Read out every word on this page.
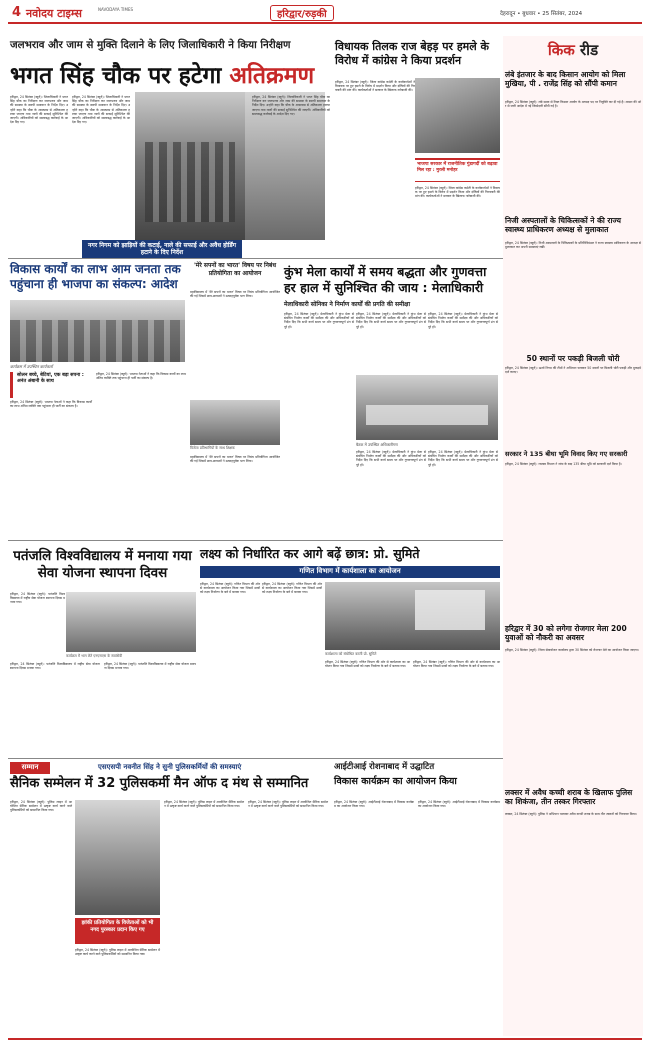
4 नवोदय टाइम्स	NAVODAYA TIMES	हरिद्वार/रुड़की	देहरादून • बुधवार • 25 सितंबर, 2024
जलभराव और जाम से मुक्ति दिलाने के लिए जिलाधिकारी ने किया निरीक्षण
भगत सिंह चौक पर हटेगा अतिक्रमण
हरिद्वार, 24 सितंबर (ब्यूरो): जिलाधिकारी ने भगत सिंह चौक का निरीक्षण कर जलभराव और जाम की समस्या के स्थायी समाधान के निर्देश दिए। उन्होंने कहा कि चौक के आसपास से अतिक्रमण हटाया जाएगा तथा नालों की सफाई सुनिश्चित की जाएगी। अधिकारियों को समयबद्ध कार्रवाई के आदेश दिए गए।
हरिद्वार, 24 सितंबर (ब्यूरो): जिलाधिकारी ने भगत सिंह चौक का निरीक्षण कर जलभराव और जाम की समस्या के स्थायी समाधान के निर्देश दिए। उन्होंने कहा कि चौक के आसपास से अतिक्रमण हटाया जाएगा तथा नालों की सफाई सुनिश्चित की जाएगी। अधिकारियों को समयबद्ध कार्रवाई के आदेश दिए गए।
नगर निगम को झाड़ियों की कटाई, नाले की सफाई और अवैध होर्डिंग हटाने के दिए निर्देश
हरिद्वार, 24 सितंबर (ब्यूरो): जिलाधिकारी ने भगत सिंह चौक का निरीक्षण कर जलभराव और जाम की समस्या के स्थायी समाधान के निर्देश दिए। उन्होंने कहा कि चौक के आसपास से अतिक्रमण हटाया जाएगा तथा नालों की सफाई सुनिश्चित की जाएगी। अधिकारियों को समयबद्ध कार्रवाई के आदेश दिए गए।
विधायक तिलक राज बेहड़ पर हमले के विरोध में कांग्रेस ने किया प्रदर्शन
हरिद्वार, 24 सितंबर (ब्यूरो): जिला कांग्रेस कमेटी के कार्यकर्ताओं  विधायक पर हुए हमले के विरोध में प्रदर्शन किया और दोषियों की गिरफ्तारी की मांग की। कार्यकर्ताओं ने सरकार के खिलाफ नारेबाजी की।
भाजपा सरकार में राजनीतिक गुंडागर्दी को बढ़ावा मिल रहा : मुरली मनोहर
हरिद्वार, 24 सितंबर (ब्यूरो): जिला कांग्रेस कमेटी के कार्यकर्ताओं ने विधायक पर हुए हमले के विरोध में प्रदर्शन किया और दोषियों की गिरफ्तारी की मांग की। कार्यकर्ताओं ने सरकार के खिलाफ नारेबाजी की।
किक रीड
लंबे इंतजार के बाद किसान आयोग को मिला मुखिया, पी . राजेंद्र सिंह को सौंपी कमान
हरिद्वार, 24 सितंबर (ब्यूरो): लंबे समय से रिक्त किसान आयोग के अध्यक्ष पद पर नियुक्ति कर दी गई है। शासन की ओर से जारी आदेश में नई जिम्मेदारी सौंपी गई है।
निजी अस्पतालों के चिकित्सकों ने की राज्य स्वास्थ्य प्राधिकरण अध्यक्ष से मुलाकात
हरिद्वार, 24 सितंबर (ब्यूरो): निजी अस्पतालों के चिकित्सकों के प्रतिनिधिमंडल ने राज्य स्वास्थ्य प्राधिकरण के अध्यक्ष से मुलाकात कर अपनी समस्याएं रखीं।
50 स्थानों पर पकड़ी बिजली चोरी
हरिद्वार, 24 सितंबर (ब्यूरो): ऊर्जा निगम की टीमों ने अभियान चलाकर 50 स्थानों पर बिजली चोरी पकड़ी और मुकदमे दर्ज कराए।
सरकार ने 135 बीघा भूमि विवाद किए गए सरकारी
हरिद्वार, 24 सितंबर (ब्यूरो): राजस्व विभाग ने जांच के बाद 135 बीघा भूमि को सरकारी दर्ज किया है।
हरिद्वार में 30 को लगेगा रोजगार मेला 200 युवाओं को नौकरी का अवसर
हरिद्वार, 24 सितंबर (ब्यूरो): जिला सेवायोजन कार्यालय द्वारा 30 सितंबर को रोजगार मेले का आयोजन किया जाएगा।
लक्सर में अवैध कच्ची शराब के खिलाफ पुलिस का शिकंजा, तीन तस्कर गिरफ्तार
लक्सर, 24 सितंबर (ब्यूरो): पुलिस ने अभियान चलाकर अवैध कच्ची शराब के साथ तीन तस्करों को गिरफ्तार किया।
विकास कार्यों का लाभ आम जनता तक पहुंचाना ही भाजपा का संकल्प: आदेश
कार्यक्रम में उपस्थित कार्यकर्ता
सोलन बच्चे, बेटियां, एक बड़ा सपना : अनंत अंबानी के साथ
हरिद्वार, 24 सितंबर (ब्यूरो): भाजपा नेताओं ने कहा कि विकास कार्यों का लाभ अंतिम व्यक्ति तक पहुंचाना ही पार्टी का संकल्प है।
हरिद्वार, 24 सितंबर (ब्यूरो): भाजपा नेताओं ने कहा कि विकास कार्यों का लाभ अंतिम व्यक्ति तक पहुंचाना ही पार्टी का संकल्प है।
'मेरे सपनों का भारत' विषय पर निबंध प्रतियोगिता का आयोजन
महाविद्यालय में 'मेरे सपनों का भारत' विषय पर निबंध प्रतियोगिता आयोजित की गई जिसमें छात्र-छात्राओं ने उत्साहपूर्वक भाग लिया।
विजेता प्रतिभागियों के साथ शिक्षक
महाविद्यालय में 'मेरे सपनों का भारत' विषय पर निबंध प्रतियोगिता आयोजित की गई जिसमें छात्र-छात्राओं ने उत्साहपूर्वक भाग लिया।
कुंभ मेला कार्यों में समय बद्धता और गुणवत्ता हर हाल में सुनिश्चित की जाय : मेलाधिकारी
मेलाधिकारी सोनिका ने निर्माण कार्यों की प्रगति की समीक्षा
हरिद्वार, 24 सितंबर (ब्यूरो): मेलाधिकारी ने कुंभ मेला से संबंधित निर्माण कार्यों की समीक्षा की और अधिकारियों को निर्देश दिए कि सभी कार्य समय पर और गुणवत्तापूर्ण ढंग से पूरे हों।
हरिद्वार, 24 सितंबर (ब्यूरो): मेलाधिकारी ने कुंभ मेला से संबंधित निर्माण कार्यों की समीक्षा की और अधिकारियों को निर्देश दिए कि सभी कार्य समय पर और गुणवत्तापूर्ण ढंग से पूरे हों।
हरिद्वार, 24 सितंबर (ब्यूरो): मेलाधिकारी ने कुंभ मेला से संबंधित निर्माण कार्यों की समीक्षा की और अधिकारियों को निर्देश दिए कि सभी कार्य समय पर और गुणवत्तापूर्ण ढंग से पूरे हों।
बैठक में उपस्थित अधिकारीगण
हरिद्वार, 24 सितंबर (ब्यूरो): मेलाधिकारी ने कुंभ मेला से संबंधित निर्माण कार्यों की समीक्षा की और अधिकारियों को निर्देश दिए कि सभी कार्य समय पर और गुणवत्तापूर्ण ढंग से पूरे हों।
हरिद्वार, 24 सितंबर (ब्यूरो): मेलाधिकारी ने कुंभ मेला से संबंधित निर्माण कार्यों की समीक्षा की और अधिकारियों को निर्देश दिए कि सभी कार्य समय पर और गुणवत्तापूर्ण ढंग से पूरे हों।
पतंजलि विश्वविद्यालय में मनाया गया सेवा योजना स्थापना दिवस
हरिद्वार, 24 सितंबर (ब्यूरो): पतंजलि विश्वविद्यालय में राष्ट्रीय सेवा योजना स्थापना दिवस मनाया गया।
कार्यक्रम में भाग लेते एनएसएस के स्वयंसेवी
हरिद्वार, 24 सितंबर (ब्यूरो): पतंजलि विश्वविद्यालय में राष्ट्रीय सेवा योजना स्थापना दिवस मनाया गया।
हरिद्वार, 24 सितंबर (ब्यूरो): पतंजलि विश्वविद्यालय में राष्ट्रीय सेवा योजना स्थापना दिवस मनाया गया।
लक्ष्य को निर्धारित कर आगे बढ़ें छात्र: प्रो. सुमिते
गणित विभाग में कार्यशाला का आयोजन
हरिद्वार, 24 सितंबर (ब्यूरो): गणित विभाग की ओर से कार्यशाला का आयोजन किया गया जिसमें छात्रों को लक्ष्य निर्धारण के बारे में बताया गया।
हरिद्वार, 24 सितंबर (ब्यूरो): गणित विभाग की ओर से कार्यशाला का आयोजन किया गया जिसमें छात्रों को लक्ष्य निर्धारण के बारे में बताया गया।
कार्यशाला को संबोधित करती प्रो. सुमिते
हरिद्वार, 24 सितंबर (ब्यूरो): गणित विभाग की ओर से कार्यशाला का आयोजन किया गया जिसमें छात्रों को लक्ष्य निर्धारण के बारे में बताया गया।
हरिद्वार, 24 सितंबर (ब्यूरो): गणित विभाग की ओर से कार्यशाला का आयोजन किया गया जिसमें छात्रों को लक्ष्य निर्धारण के बारे में बताया गया।
सम्मान	एसएसपी नवनीत सिंह ने सुनी पुलिसकर्मियों की समस्याएं
सैनिक सम्मेलन में 32 पुलिसकर्मी मैन ऑफ द मंथ से सम्मानित
हरिद्वार, 24 सितंबर (ब्यूरो): पुलिस लाइन में आयोजित सैनिक सम्मेलन में उत्कृष्ट कार्य करने वाले पुलिसकर्मियों को सम्मानित किया गया।
झांकी प्रतियोगिता के विजेताओं को भी नगद पुरस्कार प्रदान किए गए
हरिद्वार, 24 सितंबर (ब्यूरो): पुलिस लाइन में आयोजित सैनिक सम्मेलन में उत्कृष्ट कार्य करने वाले पुलिसकर्मियों को सम्मानित किया गया।
हरिद्वार, 24 सितंबर (ब्यूरो): पुलिस लाइन में आयोजित सैनिक सम्मेलन में उत्कृष्ट कार्य करने वाले पुलिसकर्मियों को सम्मानित किया गया।
हरिद्वार, 24 सितंबर (ब्यूरो): पुलिस लाइन में आयोजित सैनिक सम्मेलन में उत्कृष्ट कार्य करने वाले पुलिसकर्मियों को सम्मानित किया गया।
आईटीआई रोशनाबाद में उद्घाटित
विकास कार्यक्रम का आयोजन किया
हरिद्वार, 24 सितंबर (ब्यूरो): आईटीआई रोशनाबाद में विकास कार्यक्रम का आयोजन किया गया।
हरिद्वार, 24 सितंबर (ब्यूरो): आईटीआई रोशनाबाद में विकास कार्यक्रम का आयोजन किया गया।
